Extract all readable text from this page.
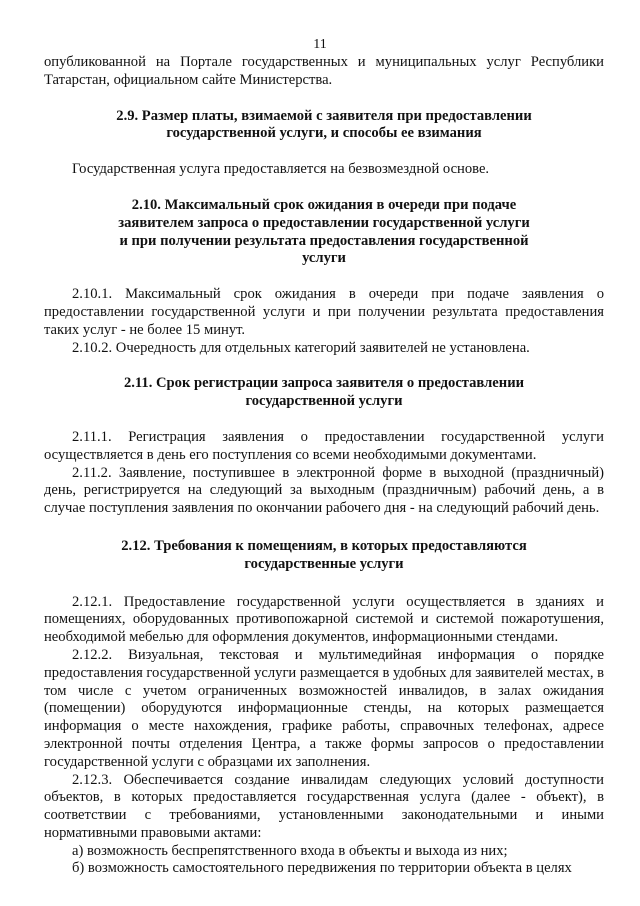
11

опубликованной на Портале государственных и муниципальных услуг Республики Татарстан, официальном сайте Министерства.

2.9. Размер платы, взимаемой с заявителя при предоставлении
государственной услуги, и способы ее взимания

Государственная услуга предоставляется на безвозмездной основе.

2.10. Максимальный срок ожидания в очереди при подаче
заявителем запроса о предоставлении государственной услуги
и при получении результата предоставления государственной
услуги

2.10.1. Максимальный срок ожидания в очереди при подаче заявления о предоставлении государственной услуги и при получении результата предоставления таких услуг - не более 15 минут.

2.10.2. Очередность для отдельных категорий заявителей не установлена.

2.11. Срок регистрации запроса заявителя о предоставлении
государственной услуги

2.11.1. Регистрация заявления о предоставлении государственной услуги осуществляется в день его поступления со всеми необходимыми документами.

2.11.2. Заявление, поступившее в электронной форме в выходной (праздничный) день, регистрируется на следующий за выходным (праздничным) рабочий день, а в случае поступления заявления по окончании рабочего дня - на следующий рабочий день.

2.12. Требования к помещениям, в которых предоставляются
государственные услуги

2.12.1. Предоставление государственной услуги осуществляется в зданиях и помещениях, оборудованных противопожарной системой и системой пожаротушения, необходимой мебелью для оформления документов, информационными стендами.

2.12.2. Визуальная, текстовая и мультимедийная информация о порядке предоставления государственной услуги размещается в удобных для заявителей местах, в том числе с учетом ограниченных возможностей инвалидов, в залах ожидания (помещении) оборудуются информационные стенды, на которых размещается информация о месте нахождения, графике работы, справочных телефонах, адресе электронной почты отделения Центра, а также формы запросов о предоставлении государственной услуги с образцами их заполнения.

2.12.3. Обеспечивается создание инвалидам следующих условий доступности объектов, в которых предоставляется государственная услуга (далее - объект), в соответствии с требованиями, установленными законодательными и иными нормативными правовыми актами:

а) возможность беспрепятственного входа в объекты и выхода из них;

б) возможность самостоятельного передвижения по территории объекта в целях
